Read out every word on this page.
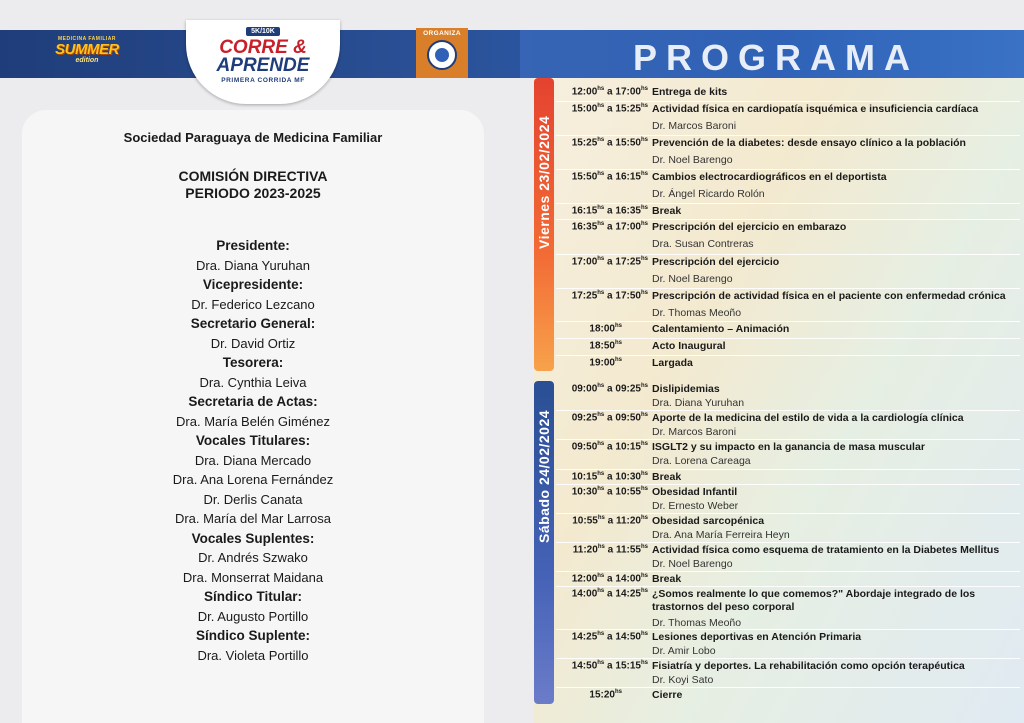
MEDICINA FAMILIAR
SUMMER
edition
5K/10K
CORRE &
APRENDE
PRIMERA CORRIDA MF
ORGANIZA
PROGRAMA
Sociedad Paraguaya de Medicina Familiar
COMISIÓN DIRECTIVA
PERIODO 2023-2025
Presidente:
Dra. Diana Yuruhan
Vicepresidente:
Dr. Federico Lezcano
Secretario General:
Dr. David Ortiz
Tesorera:
Dra. Cynthia Leiva
Secretaria de Actas:
Dra. María Belén Giménez
Vocales Titulares:
Dra. Diana Mercado
Dra. Ana Lorena Fernández
Dr. Derlis Canata
Dra. María del Mar Larrosa
Vocales Suplentes:
Dr. Andrés Szwako
Dra. Monserrat Maidana
Síndico Titular:
Dr. Augusto Portillo
Síndico Suplente:
Dra. Violeta Portillo
Viernes 23/02/2024
Sábado 24/02/2024
$12:00^{hs}$ a $17:00^{hs}$ Entrega de kits
$15:00^{hs}$ a $15:25^{hs}$ Actividad física en cardiopatía isquémica e insuficiencia cardíaca
Dr. Marcos Baroni
$15:25^{hs}$ a $15:50^{hs}$ Prevención de la diabetes: desde ensayo clínico a la población
Dr. Noel Barengo
$15:50^{hs}$ a $16:15^{hs}$ Cambios electrocardiográficos en el deportista
Dr. Ángel Ricardo Rolón
$16:15^{hs}$ a $16:35^{hs}$ Break
$16:35^{hs}$ a $17:00^{hs}$ Prescripción del ejercicio en embarazo
Dra. Susan Contreras
$17:00^{hs}$ a $17:25^{hs}$ Prescripción del ejercicio
Dr. Noel Barengo
$17:25^{hs}$ a $17:50^{hs}$ Prescripción de actividad física en el paciente con enfermedad crónica
Dr. Thomas Meoño
$18:00^{hs}$	Calentamiento – Animación
$18:50^{hs}$	Acto Inaugural
$19:00^{hs}$	Largada
$09:00^{hs}$ a $09:25^{hs}$ Dislipidemias
Dra. Diana Yuruhan
$09:25^{hs}$ a $09:50^{hs}$ Aporte de la medicina del estilo de vida a la cardiología clínica
Dr. Marcos Baroni
$09:50^{hs}$ a $10:15^{hs}$ ISGLT2 y su impacto en la ganancia de masa muscular
Dra. Lorena Careaga
$10:15^{hs}$ a $10:30^{hs}$ Break
$10:30^{hs}$ a $10:55^{hs}$ Obesidad Infantil
Dr. Ernesto Weber
$10:55^{hs}$ a $11:20^{hs}$ Obesidad sarcopénica
Dra. Ana María Ferreira Heyn
$11:20^{hs}$ a $11:55^{hs}$ Actividad física como esquema de tratamiento en la Diabetes Mellitus
Dr. Noel Barengo
$12:00^{hs}$ a $14:00^{hs}$ Break
$14:00^{hs}$ a $14:25^{hs}$ ¿Somos realmente lo que comemos?" Abordaje integrado de los trastornos del peso corporal
Dr. Thomas Meoño
$14:25^{hs}$ a $14:50^{hs}$ Lesiones deportivas en Atención Primaria
Dr. Amir Lobo
$14:50^{hs}$ a $15:15^{hs}$ Fisiatría y deportes. La rehabilitación como opción terapéutica
Dr. Koyi Sato
$15:20^{hs}$	Cierre
